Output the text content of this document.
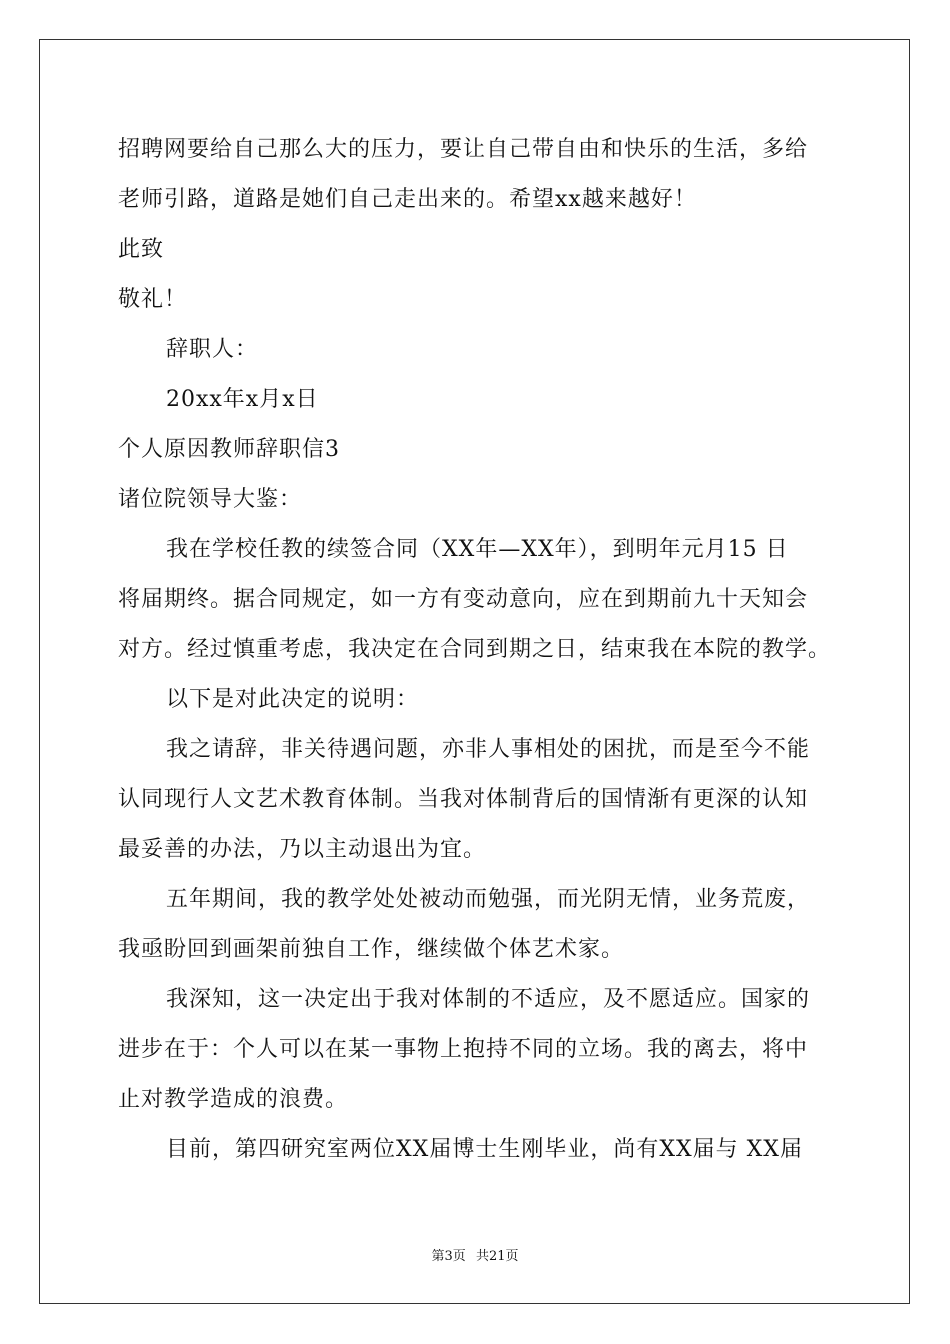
招聘网要给自己那么大的压力，要让自己带自由和快乐的生活，多给
老师引路，道路是她们自己走出来的。希望xx越来越好！
此致
敬礼！
辞职人：
20xx年x月x日
个人原因教师辞职信3
诸位院领导大鉴：
我在学校任教的续签合同（XX年—XX年），到明年元月15 日
将届期终。据合同规定，如一方有变动意向，应在到期前九十天知会
对方。经过慎重考虑，我决定在合同到期之日，结束我在本院的教学。
以下是对此决定的说明：
我之请辞，非关待遇问题，亦非人事相处的困扰，而是至今不能
认同现行人文艺术教育体制。当我对体制背后的国情渐有更深的认知
最妥善的办法，乃以主动退出为宜。
五年期间，我的教学处处被动而勉强，而光阴无情，业务荒废，
我亟盼回到画架前独自工作，继续做个体艺术家。
我深知，这一决定出于我对体制的不适应，及不愿适应。国家的
进步在于：个人可以在某一事物上抱持不同的立场。我的离去，将中
止对教学造成的浪费。
目前，第四研究室两位XX届博士生刚毕业，尚有XX届与 XX届
第3页 共21页
